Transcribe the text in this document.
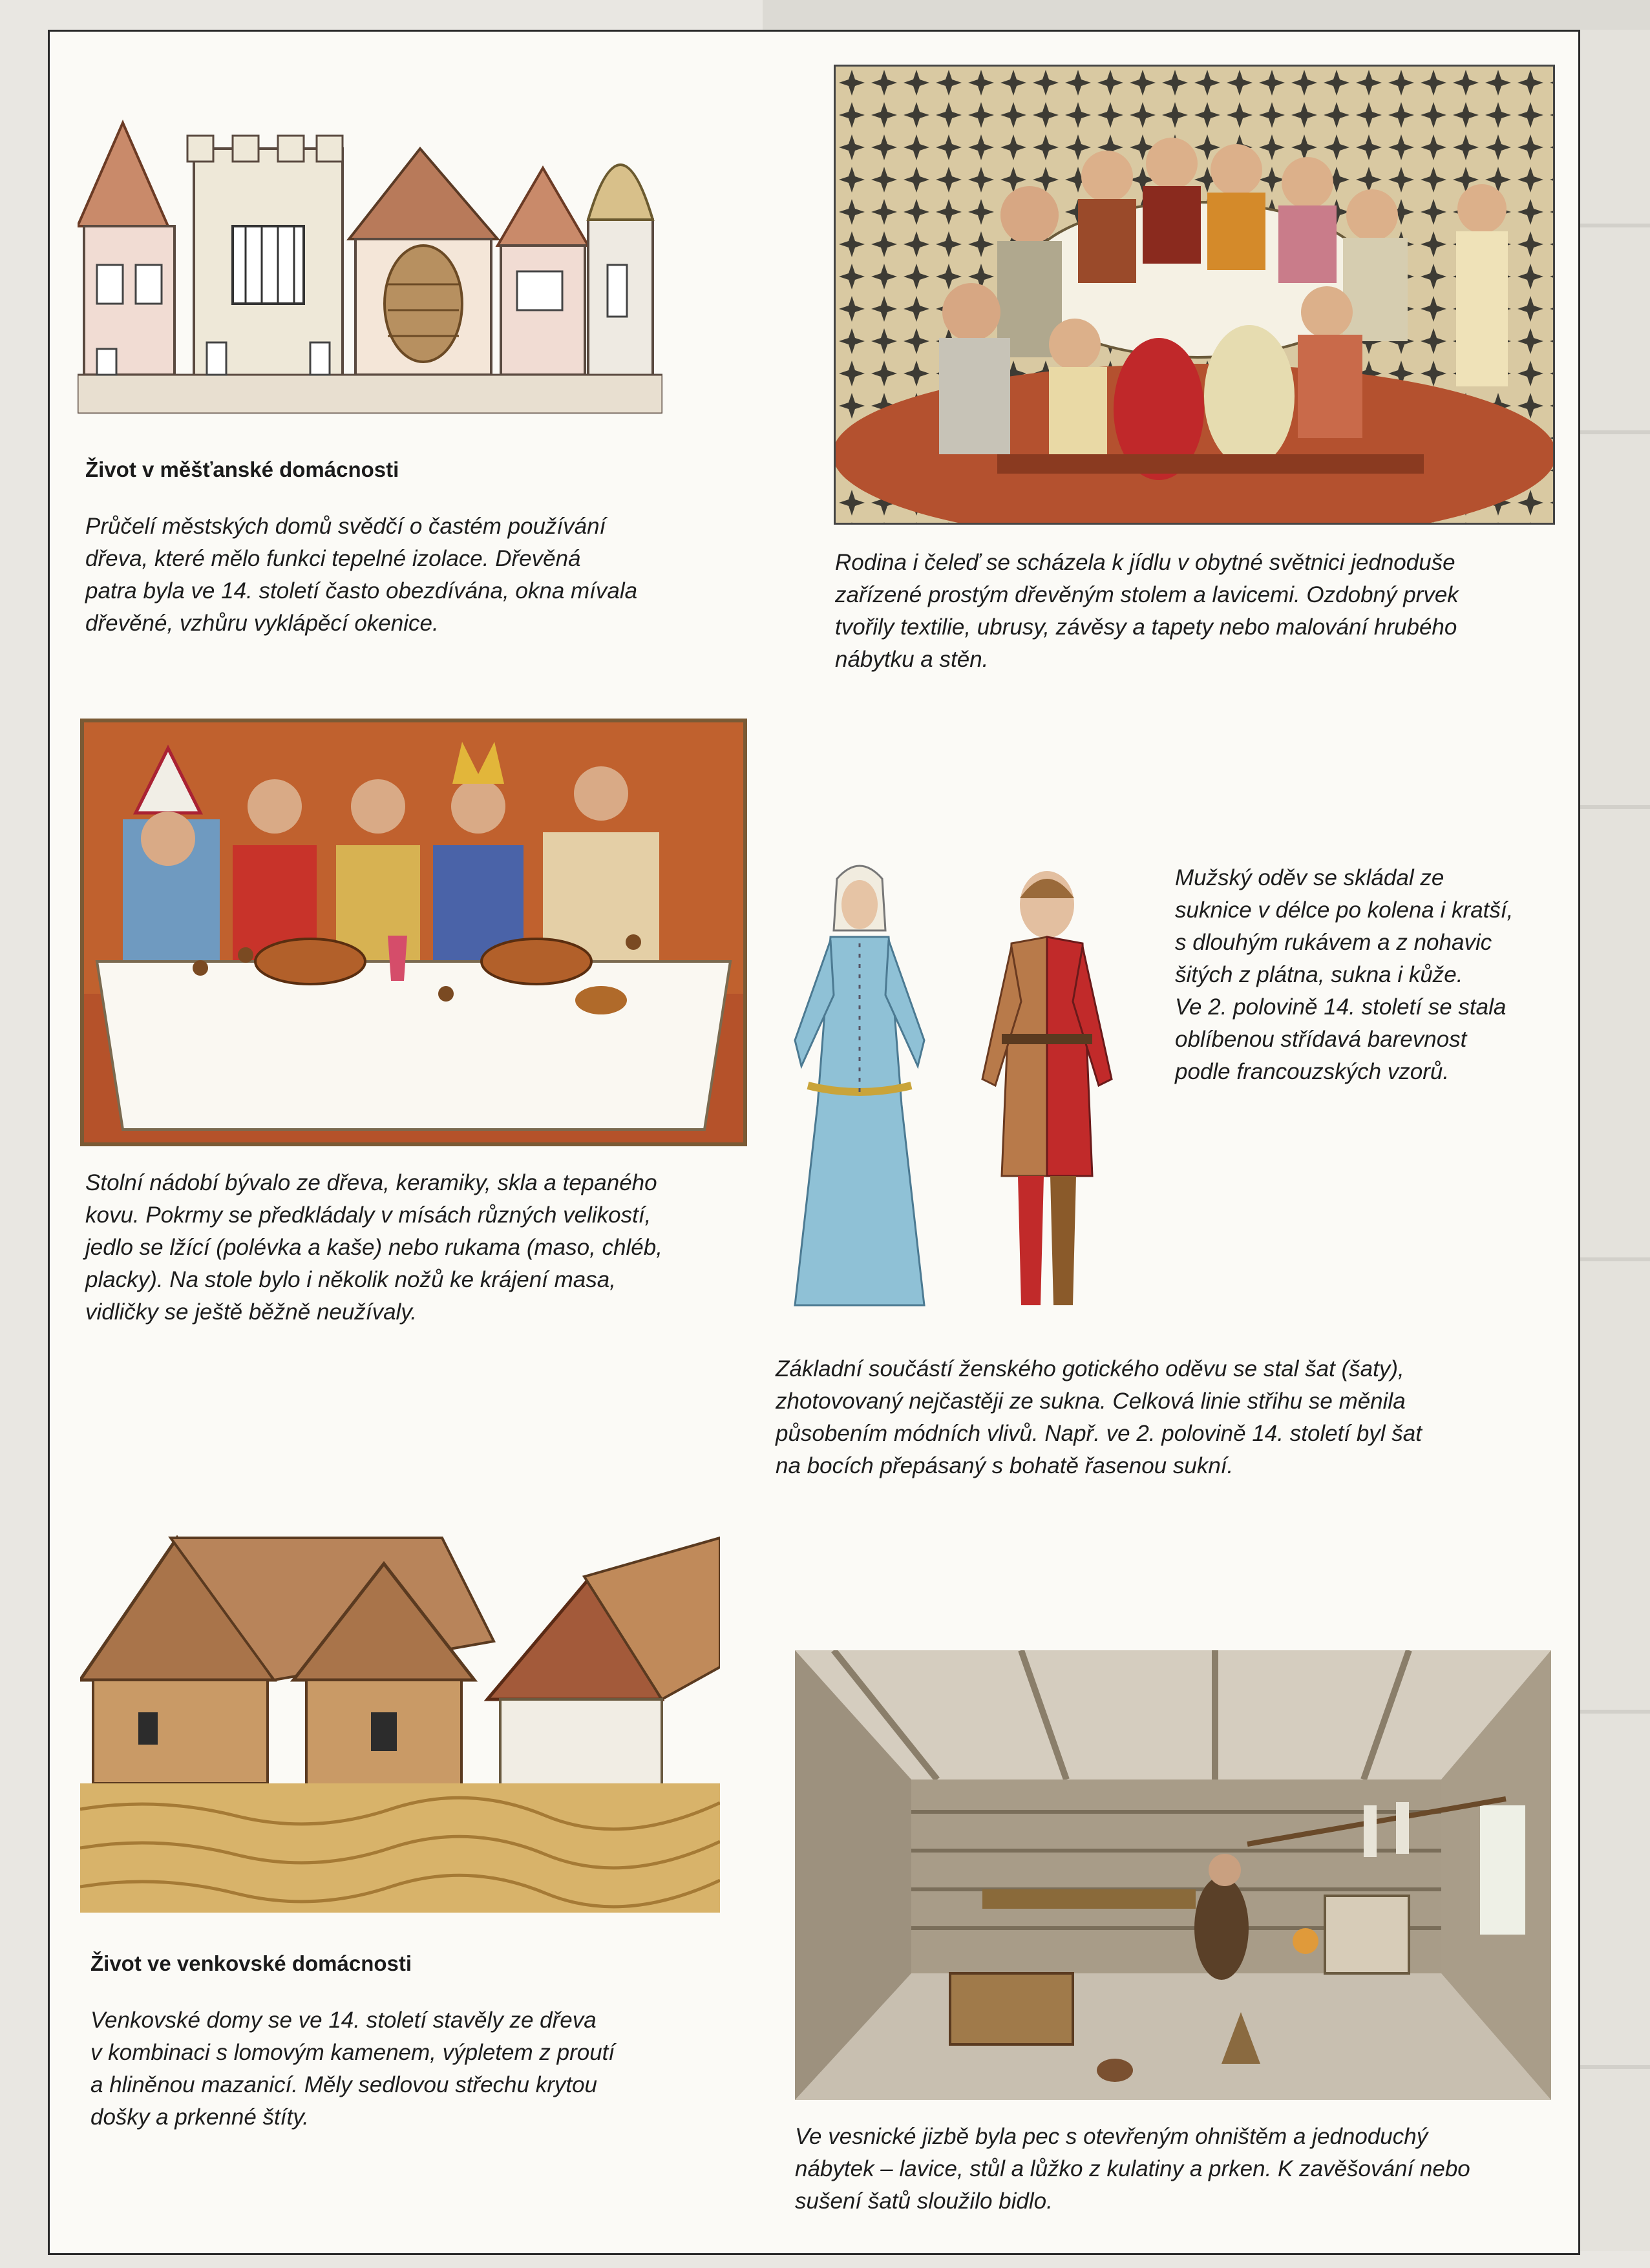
Život v měšťanské domácnosti

Průčelí městských domů svědčí o častém používání
dřeva, které mělo funkci tepelné izolace. Dřevěná
patra byla ve 14. století často obezdívána, okna mívala
dřevěné, vzhůru vyklápěcí okenice.

Rodina i čeleď se scházela k jídlu v obytné světnici jednoduše
zařízené prostým dřevěným stolem a lavicemi. Ozdobný prvek
tvořily textilie, ubrusy, závěsy a tapety nebo malování hrubého
nábytku a stěn.

Stolní nádobí bývalo ze dřeva, keramiky, skla a tepaného
kovu. Pokrmy se předkládaly v mísách různých velikostí,
jedlo se lžící (polévka a kaše) nebo rukama (maso, chléb,
placky). Na stole bylo i několik nožů ke krájení masa,
vidličky se ještě běžně neužívaly.

Mužský oděv se skládal ze
suknice v délce po kolena i kratší,
s dlouhým rukávem a z nohavic
šitých z plátna, sukna i kůže.
Ve 2. polovině 14. století se stala
oblíbenou střídavá barevnost
podle francouzských vzorů.

Základní součástí ženského gotického oděvu se stal šat (šaty),
zhotovovaný nejčastěji ze sukna. Celková linie střihu se měnila
působením módních vlivů. Např. ve 2. polovině 14. století byl šat
na bocích přepásaný s bohatě řasenou sukní.

Život ve venkovské domácnosti

Venkovské domy se ve 14. století stavěly ze dřeva
v kombinaci s lomovým kamenem, výpletem z proutí
a hliněnou mazanicí. Měly sedlovou střechu krytou
došky a prkenné štíty.

Ve vesnické jizbě byla pec s otevřeným ohništěm a jednoduchý
nábytek – lavice, stůl a lůžko z kulatiny a prken. K zavěšování nebo
sušení šatů sloužilo bidlo.
